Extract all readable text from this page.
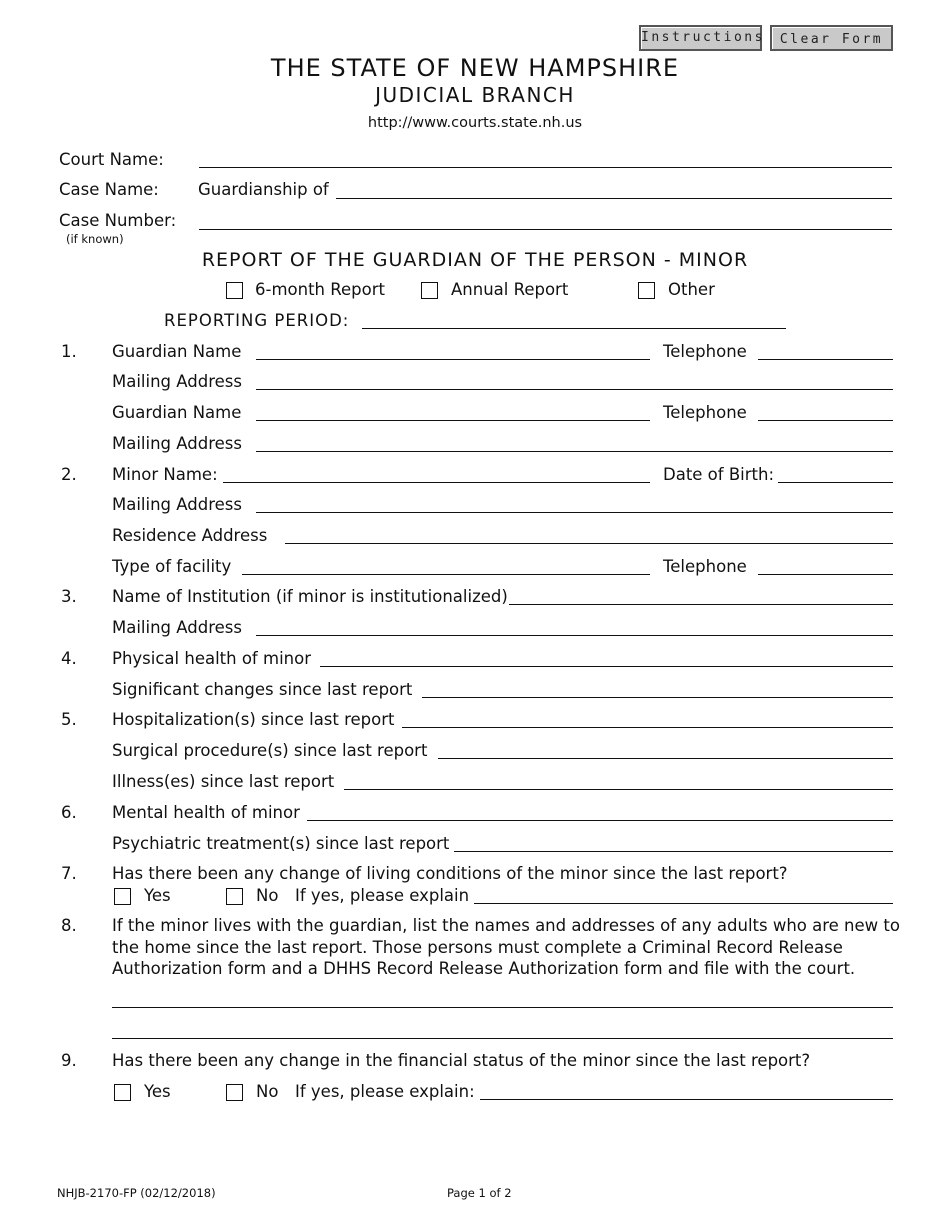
Instructions	Clear Form
THE STATE OF NEW HAMPSHIRE
JUDICIAL BRANCH
http://www.courts.state.nh.us
Court Name:
Case Name: Guardianship of
Case Number:
(if known)
REPORT OF THE GUARDIAN OF THE PERSON - MINOR
6-month Report	Annual Report	Other
REPORTING PERIOD:
1. Guardian Name	Telephone
Mailing Address
Guardian Name	Telephone
Mailing Address
2. Minor Name:	Date of Birth:
Mailing Address
Residence Address
Type of facility	Telephone
3. Name of Institution (if minor is institutionalized)
Mailing Address
4. Physical health of minor
Significant changes since last report
5. Hospitalization(s) since last report
Surgical procedure(s) since last report
Illness(es) since last report
6. Mental health of minor
Psychiatric treatment(s) since last report
7. Has there been any change of living conditions of the minor since the last report?
Yes	No If yes, please explain
8. If the minor lives with the guardian, list the names and addresses of any adults who are new to
the home since the last report. Those persons must complete a Criminal Record Release
Authorization form and a DHHS Record Release Authorization form and file with the court.
9. Has there been any change in the financial status of the minor since the last report?
Yes	No If yes, please explain:
NHJB-2170-FP (02/12/2018)	Page 1 of 2
